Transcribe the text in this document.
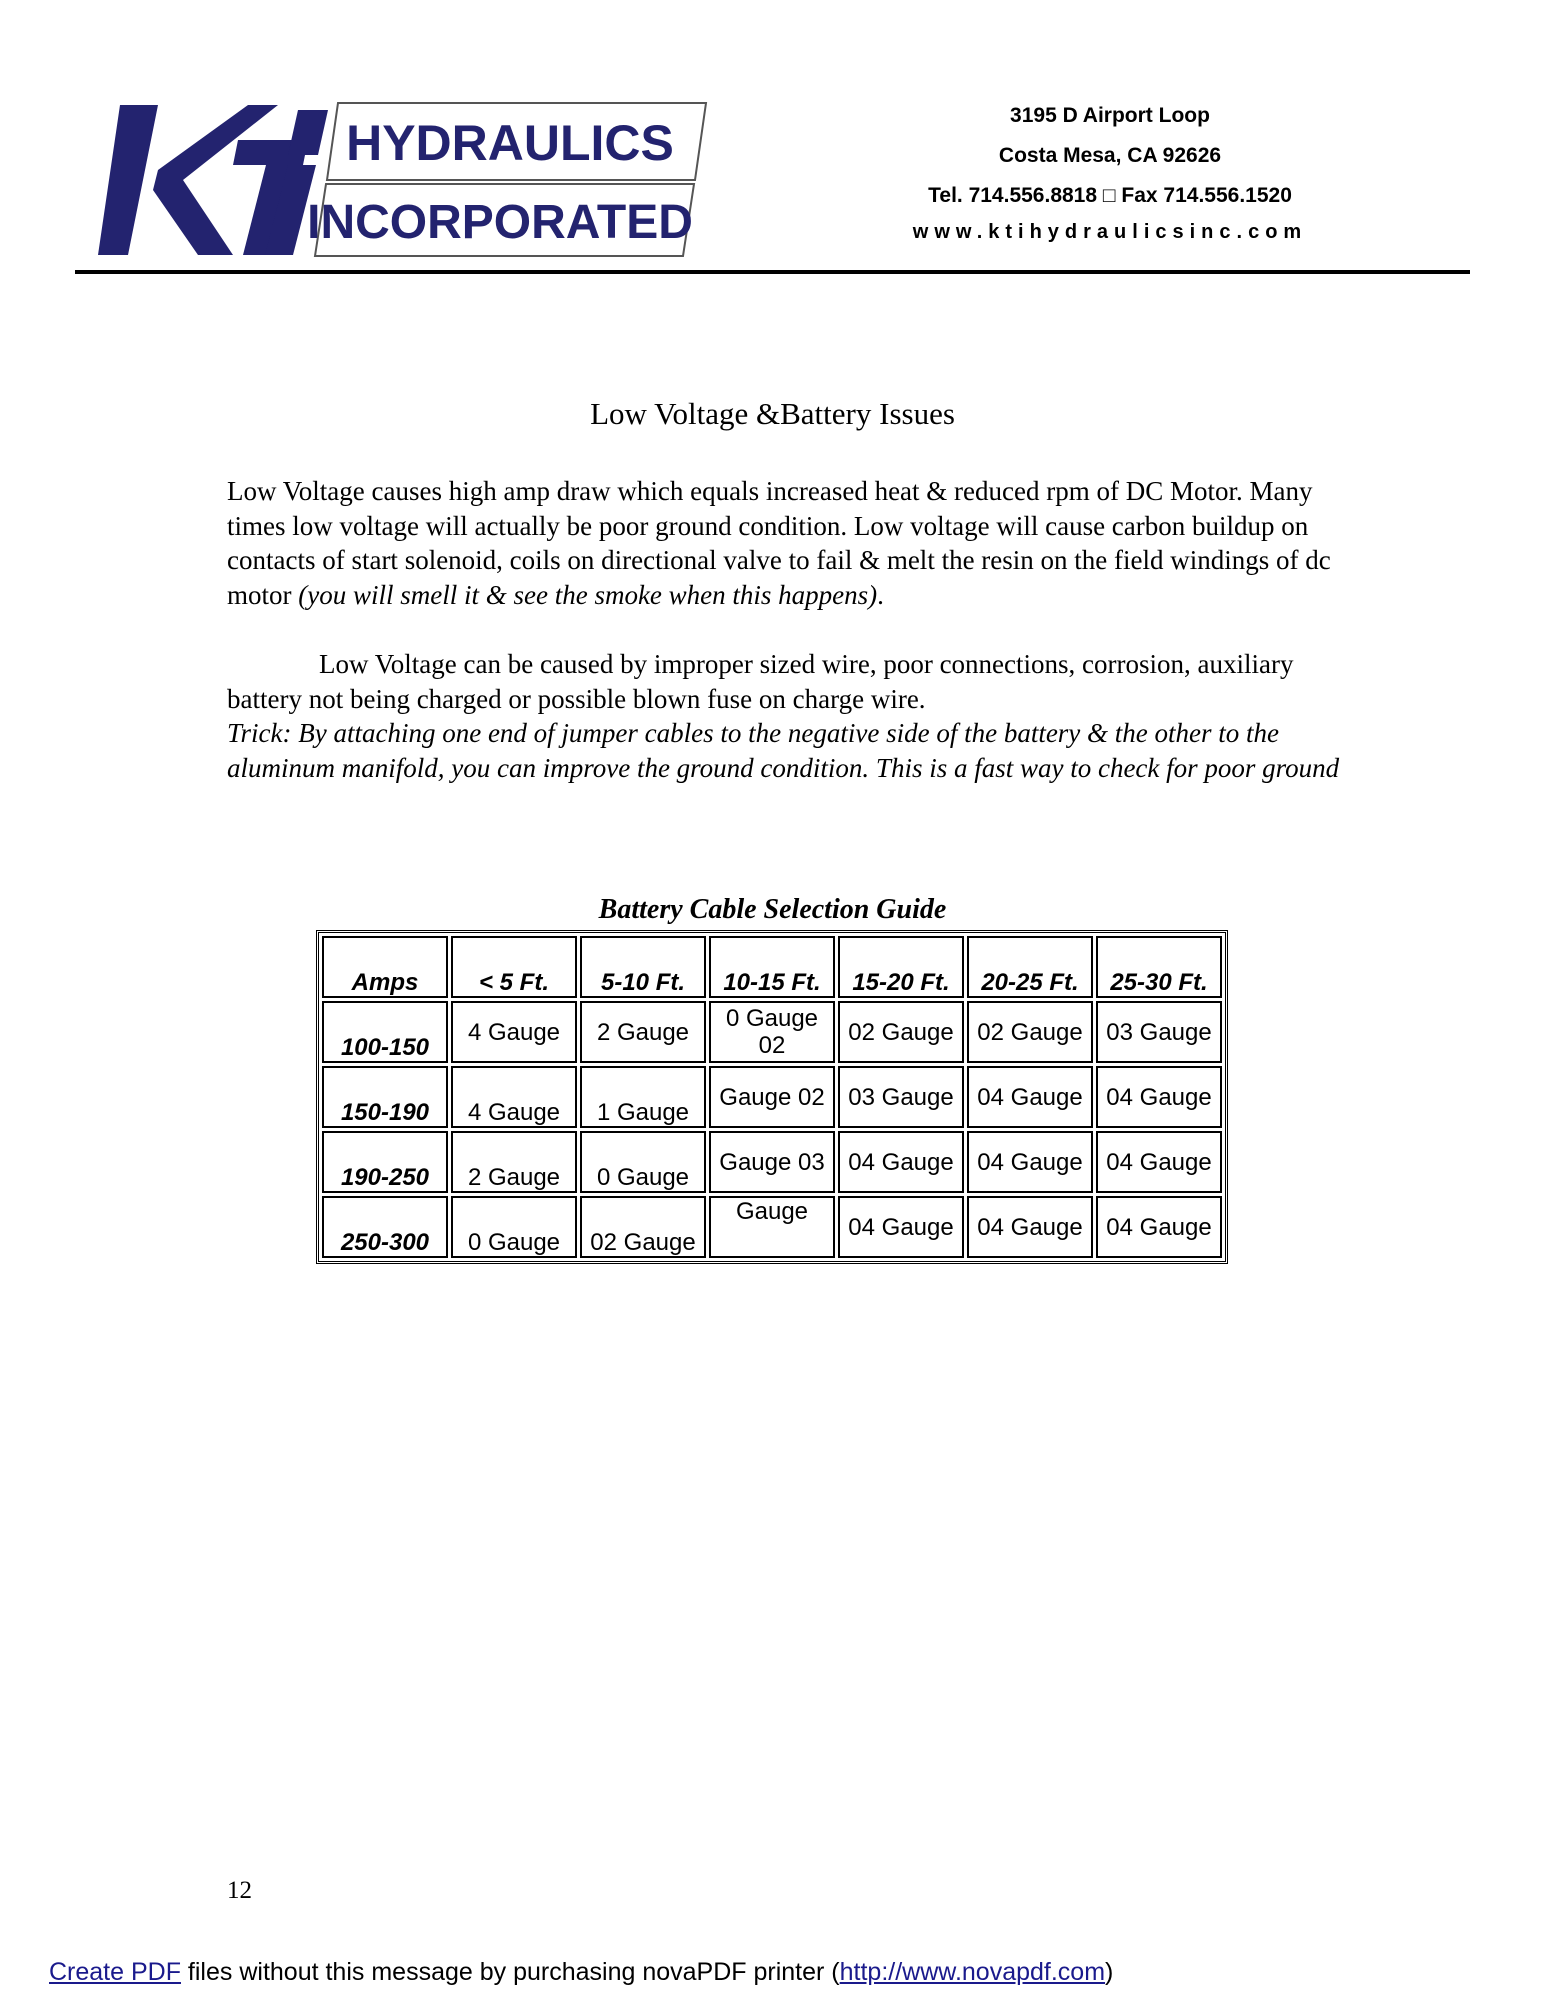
HYDRAULICS
INCORPORATED
3195 D Airport Loop
Costa Mesa, CA 92626
Tel. 714.556.8818 □ Fax 714.556.1520
www.ktihydraulicsinc.com
Low Voltage &Battery Issues
Low Voltage causes high amp draw which equals increased heat & reduced rpm of DC Motor. Many times low voltage will actually be poor ground condition. Low voltage will cause carbon buildup on contacts of start solenoid, coils on directional valve to fail & melt the resin on the field windings of dc motor (you will smell it & see the smoke when this happens).
Low Voltage can be caused by improper sized wire, poor connections, corrosion, auxiliary battery not being charged or possible blown fuse on charge wire.
Trick: By attaching one end of jumper cables to the negative side of the battery & the other to the aluminum manifold, you can improve the ground condition. This is a fast way to check for poor ground
Battery Cable Selection Guide
Amps	< 5 Ft.	5-10 Ft.	10-15 Ft.	15-20 Ft.	20-25 Ft.	25-30 Ft.
100-150	4 Gauge	2 Gauge	0 Gauge 02	02 Gauge	02 Gauge	03 Gauge
150-190	4 Gauge	1 Gauge	Gauge 02	03 Gauge	04 Gauge	04 Gauge
190-250	2 Gauge	0 Gauge	Gauge 03	04 Gauge	04 Gauge	04 Gauge
250-300	0 Gauge	02 Gauge	Gauge	04 Gauge	04 Gauge	04 Gauge
12
Create PDF files without this message by purchasing novaPDF printer (http://www.novapdf.com)
